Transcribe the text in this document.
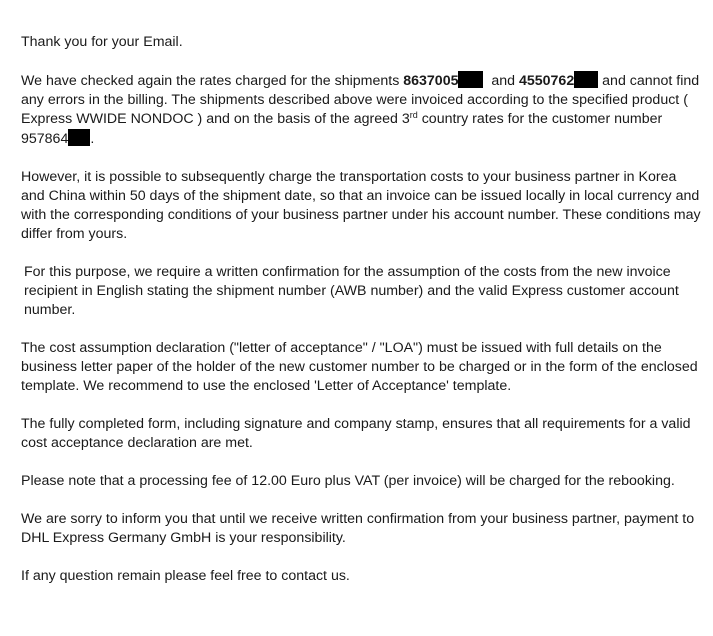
Thank you for your Email.

We have checked again the rates charged for the shipments 8637005  and 4550762 and cannot find any errors in the billing. The shipments described above were invoiced according to the specified product ( Express WWIDE NONDOC ) and on the basis of the agreed 3rd country rates for the customer number 957864 .

However, it is possible to subsequently charge the transportation costs to your business partner in Korea and China within 50 days of the shipment date, so that an invoice can be issued locally in local currency and with the corresponding conditions of your business partner under his account number. These conditions may differ from yours.

For this purpose, we require a written confirmation for the assumption of the costs from the new invoice recipient in English stating the shipment number (AWB number) and the valid Express customer account number.

The cost assumption declaration ("letter of acceptance" / "LOA") must be issued with full details on the business letter paper of the holder of the new customer number to be charged or in the form of the enclosed template. We recommend to use the enclosed 'Letter of Acceptance' template.

The fully completed form, including signature and company stamp, ensures that all requirements for a valid cost acceptance declaration are met.

Please note that a processing fee of 12.00 Euro plus VAT (per invoice) will be charged for the rebooking.

We are sorry to inform you that until we receive written confirmation from your business partner, payment to DHL Express Germany GmbH is your responsibility.

If any question remain please feel free to contact us.
